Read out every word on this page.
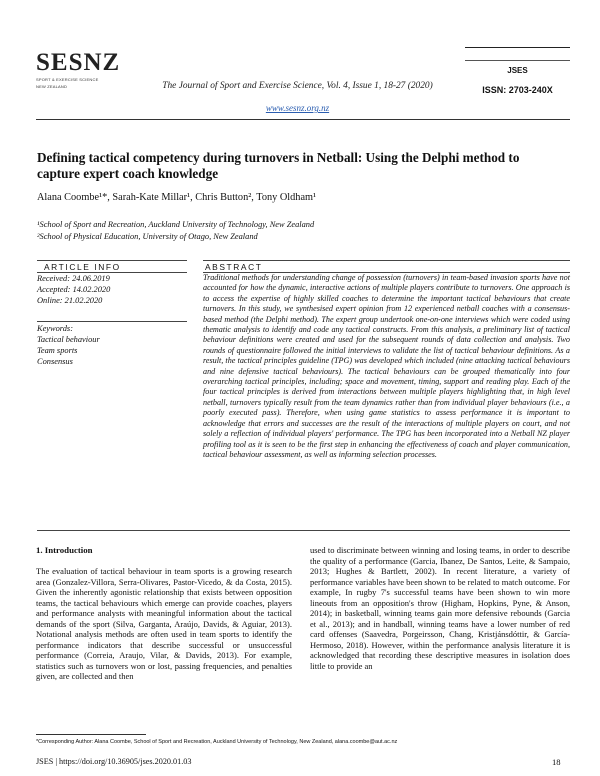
SESNZ
SPORT & EXERCISE SCIENCE
NEW ZEALAND	The Journal of Sport and Exercise Science, Vol. 4, Issue 1, 18-27 (2020)
www.sesnz.org.nz
JSES
ISSN: 2703-240X
Defining tactical competency during turnovers in Netball: Using the Delphi method to capture expert coach knowledge
Alana Coombe¹*, Sarah-Kate Millar¹, Chris Button², Tony Oldham¹
¹School of Sport and Recreation, Auckland University of Technology, New Zealand
²School of Physical Education, University of Otago, New Zealand
ARTICLE INFO
Received: 24.06.2019
Accepted: 14.02.2020
Online: 21.02.2020
Keywords:
Tactical behaviour
Team sports
Consensus
ABSTRACT
Traditional methods for understanding change of possession (turnovers) in team-based invasion sports have not accounted for how the dynamic, interactive actions of multiple players contribute to turnovers. One approach is to access the expertise of highly skilled coaches to determine the important tactical behaviours that create turnovers. In this study, we synthesised expert opinion from 12 experienced netball coaches with a consensus-based method (the Delphi method). The expert group undertook one-on-one interviews which were coded using thematic analysis to identify and code any tactical constructs. From this analysis, a preliminary list of tactical behaviour definitions were created and used for the subsequent rounds of data collection and analysis. Two rounds of questionnaire followed the initial interviews to validate the list of tactical behaviour definitions. As a result, the tactical principles guideline (TPG) was developed which included (nine attacking tactical behaviours and nine defensive tactical behaviours). The tactical behaviours can be grouped thematically into four overarching tactical principles, including; space and movement, timing, support and reading play. Each of the four tactical principles is derived from interactions between multiple players highlighting that, in high level netball, turnovers typically result from the team dynamics rather than from individual player behaviours (i.e., a poorly executed pass). Therefore, when using game statistics to assess performance it is important to acknowledge that errors and successes are the result of the interactions of multiple players on court, and not solely a reflection of individual players' performance. The TPG has been incorporated into a Netball NZ player profiling tool as it is seen to be the first step in enhancing the effectiveness of coach and player communication, tactical behaviour assessment, as well as informing selection processes.
1. Introduction

The evaluation of tactical behaviour in team sports is a growing research area (Gonzalez-Villora, Serra-Olivares, Pastor-Vicedo, & da Costa, 2015). Given the inherently agonistic relationship that exists between opposition teams, the tactical behaviours which emerge can provide coaches, players and performance analysts with meaningful information about the tactical demands of the sport (Silva, Garganta, Araújo, Davids, & Aguiar, 2013). Notational analysis methods are often used in team sports to identify the performance indicators that describe successful or unsuccessful performance (Correia, Araujo, Vilar, & Davids, 2013). For example, statistics such as turnovers won or lost, passing frequencies, and penalties given, are collected and then

used to discriminate between winning and losing teams, in order to describe the quality of a performance (Garcia, Ibanez, De Santos, Leite, & Sampaio, 2013; Hughes & Bartlett, 2002). In recent literature, a variety of performance variables have been shown to be related to match outcome. For example, In rugby 7's successful teams have been shown to win more lineouts from an opposition's throw (Higham, Hopkins, Pyne, & Anson, 2014); in basketball, winning teams gain more defensive rebounds (Garcia et al., 2013); and in handball, winning teams have a lower number of red card offenses (Saavedra, Porgeirsson, Chang, Kristjánsdóttir, & García-Hermoso, 2018). However, within the performance analysis literature it is acknowledged that recording these descriptive measures in isolation does little to provide an

*Corresponding Author: Alana Coombe, School of Sport and Recreation, Auckland University of Technology, New Zealand, alana.coombe@aut.ac.nz
JSES | https://doi.org/10.36905/jses.2020.01.03	18
